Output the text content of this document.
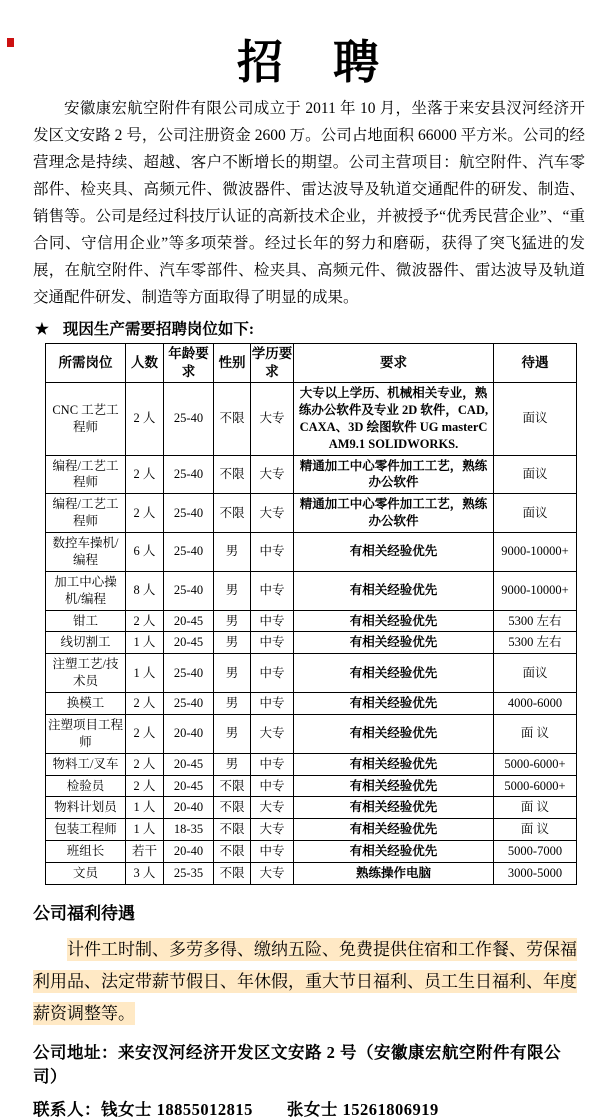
招　聘

安徽康宏航空附件有限公司成立于 2011 年 10 月，坐落于来安县汊河经济开发区文安路 2 号，公司注册资金 2600 万。公司占地面积 66000 平方米。公司的经营理念是持续、超越、客户不断增长的期望。公司主营项目：航空附件、汽车零部件、检夹具、高频元件、微波器件、雷达波导及轨道交通配件的研发、制造、销售等。公司是经过科技厅认证的高新技术企业，并被授予“优秀民营企业”、“重合同、守信用企业”等多项荣誉。经过长年的努力和磨砺，获得了突飞猛进的发展，在航空附件、汽车零部件、检夹具、高频元件、微波器件、雷达波导及轨道交通配件研发、制造等方面取得了明显的成果。

★ 现因生产需要招聘岗位如下:
所需岗位	人数	年龄要求	性别	学历要求	要求	待遇
CNC 工艺工程师	2 人	25-40	不限	大专	大专以上学历、机械相关专业，熟练办公软件及专业 2D 软件，CAD,CAXA、3D 绘图软件 UG masterCAM9.1 SOLIDWORKS.	面议
编程/工艺工程师	2 人	25-40	不限	大专	精通加工中心零件加工工艺，熟练办公软件	面议
编程/工艺工程师	2 人	25-40	不限	大专	精通加工中心零件加工工艺，熟练办公软件	面议
数控车操机/编程	6 人	25-40	男	中专	有相关经验优先	9000-10000+
加工中心操机/编程	8 人	25-40	男	中专	有相关经验优先	9000-10000+
钳工	2 人	20-45	男	中专	有相关经验优先	5300 左右
线切割工	1 人	20-45	男	中专	有相关经验优先	5300 左右
注塑工艺/技术员	1 人	25-40	男	中专	有相关经验优先	面议
换模工	2 人	25-40	男	中专	有相关经验优先	4000-6000
注塑项目工程师	2 人	20-40	男	大专	有相关经验优先	面 议
物料工/叉车	2 人	20-45	男	中专	有相关经验优先	5000-6000+
检验员	2 人	20-45	不限	中专	有相关经验优先	5000-6000+
物料计划员	1 人	20-40	不限	大专	有相关经验优先	面 议
包装工程师	1 人	18-35	不限	大专	有相关经验优先	面 议
班组长	若干	20-40	不限	中专	有相关经验优先	5000-7000
文员	3 人	25-35	不限	大专	熟练操作电脑	3000-5000
公司福利待遇

计件工时制、多劳多得、缴纳五险、免费提供住宿和工作餐、劳保福利用品、法定带薪节假日、年休假，重大节日福利、员工生日福利、年度薪资调整等。

公司地址：来安汊河经济开发区文安路 2 号（安徽康宏航空附件有限公司）
联系人：钱女士 18855012815 张女士 15261806919
